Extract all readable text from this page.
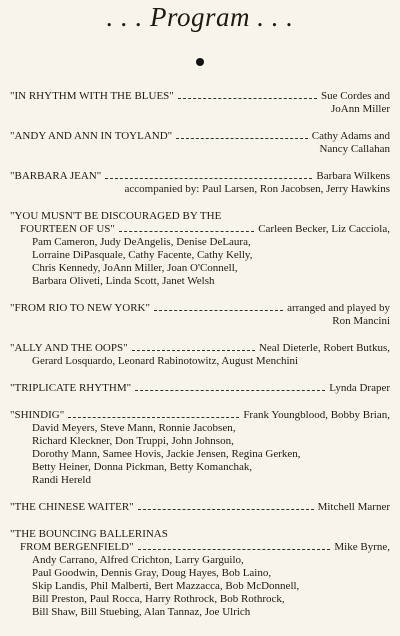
. . . Program . . .
"IN RHYTHM WITH THE BLUES"	Sue Cordes and
JoAnn Miller
"ANDY AND ANN IN TOYLAND"	Cathy Adams and
Nancy Callahan
"BARBARA JEAN"	Barbara Wilkens
accompanied by: Paul Larsen, Ron Jacobsen, Jerry Hawkins
"YOU MUSN'T BE DISCOURAGED BY THE
FOURTEEN OF US"	Carleen Becker, Liz Cacciola,
Pam Cameron, Judy DeAngelis, Denise DeLaura,
Lorraine DiPasquale, Cathy Facente, Cathy Kelly,
Chris Kennedy, JoAnn Miller, Joan O'Connell,
Barbara Oliveti, Linda Scott, Janet Welsh
"FROM RIO TO NEW YORK"	arranged and played by
Ron Mancini
"ALLY AND THE OOPS"	Neal Dieterle, Robert Butkus,
Gerard Losquardo, Leonard Rabinotowitz, August Menchini
"TRIPLICATE RHYTHM"	Lynda Draper
"SHINDIG"	Frank Youngblood, Bobby Brian,
David Meyers, Steve Mann, Ronnie Jacobsen,
Richard Kleckner, Don Truppi, John Johnson,
Dorothy Mann, Samee Hovis, Jackie Jensen, Regina Gerken,
Betty Heiner, Donna Pickman, Betty Komanchak,
Randi Hereld
"THE CHINESE WAITER"	Mitchell Marner
"THE BOUNCING BALLERINAS
FROM BERGENFIELD"	Mike Byrne,
Andy Carrano, Alfred Crichton, Larry Garguilo,
Paul Goodwin, Dennis Gray, Doug Hayes, Bob Laino,
Skip Landis, Phil Malberti, Bert Mazzacca, Bob McDonnell,
Bill Preston, Paul Rocca, Harry Rothrock, Bob Rothrock,
Bill Shaw, Bill Stuebing, Alan Tannaz, Joe Ulrich
